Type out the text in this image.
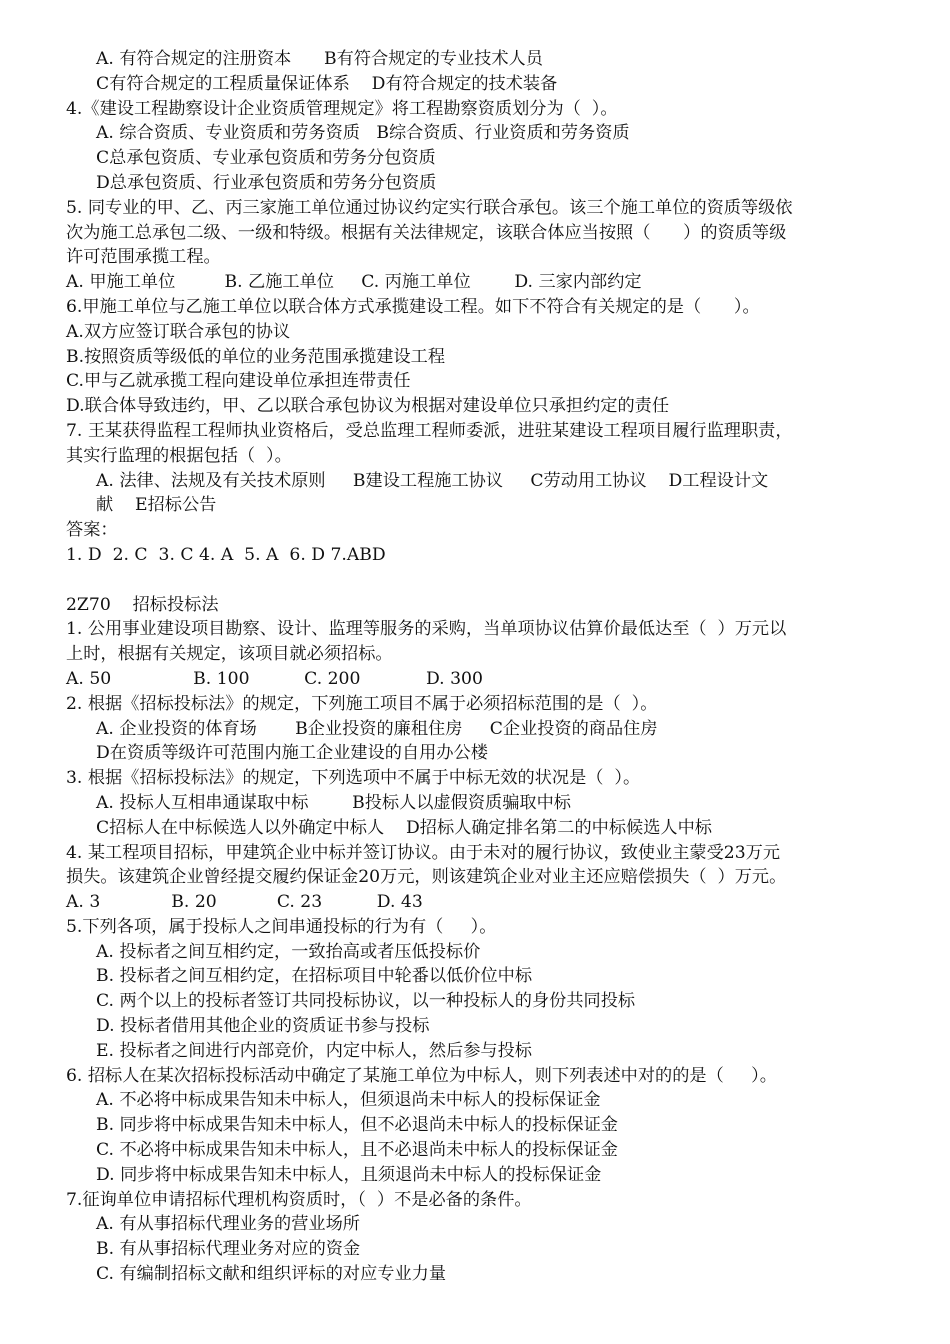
A. 有符合规定的注册资本      B有符合规定的专业技术人员
C有符合规定的工程质量保证体系    D有符合规定的技术装备
4.《建设工程勘察设计企业资质管理规定》将工程勘察资质划分为（  ）。
A. 综合资质、专业资质和劳务资质   B综合资质、行业资质和劳务资质
C总承包资质、专业承包资质和劳务分包资质
D总承包资质、行业承包资质和劳务分包资质
5. 同专业的甲、乙、丙三家施工单位通过协议约定实行联合承包。该三个施工单位的资质等级依
次为施工总承包二级、一级和特级。根据有关法律规定，该联合体应当按照（      ）的资质等级
许可范围承揽工程。
A. 甲施工单位         B. 乙施工单位     C. 丙施工单位        D. 三家内部约定
6.甲施工单位与乙施工单位以联合体方式承揽建设工程。如下不符合有关规定的是（      ）。
A.双方应签订联合承包的协议
B.按照资质等级低的单位的业务范围承揽建设工程
C.甲与乙就承揽工程向建设单位承担连带责任
D.联合体导致违约，甲、乙以联合承包协议为根据对建设单位只承担约定的责任
7. 王某获得监程工程师执业资格后，受总监理工程师委派，进驻某建设工程项目履行监理职责，
其实行监理的根据包括（  ）。
A. 法律、法规及有关技术原则     B建设工程施工协议     C劳动用工协议    D工程设计文
献    E招标公告
答案：
1. D  2. C  3. C 4. A  5. A  6. D 7.ABD
2Z70    招标投标法
1. 公用事业建设项目勘察、设计、监理等服务的采购，当单项协议估算价最低达至（  ）万元以
上时，根据有关规定，该项目就必须招标。
A. 50               B. 100          C. 200            D. 300
2. 根据《招标投标法》的规定，下列施工项目不属于必须招标范围的是（  ）。
A. 企业投资的体育场       B企业投资的廉租住房     C企业投资的商品住房
D在资质等级许可范围内施工企业建设的自用办公楼
3. 根据《招标投标法》的规定，下列选项中不属于中标无效的状况是（  ）。
A. 投标人互相串通谋取中标        B投标人以虚假资质骗取中标
C招标人在中标候选人以外确定中标人    D招标人确定排名第二的中标候选人中标
4. 某工程项目招标，甲建筑企业中标并签订协议。由于未对的履行协议，致使业主蒙受23万元
损失。该建筑企业曾经提交履约保证金20万元，则该建筑企业对业主还应赔偿损失（  ）万元。
A. 3             B. 20           C. 23          D. 43
5.下列各项，属于投标人之间串通投标的行为有（     ）。
A. 投标者之间互相约定，一致抬高或者压低投标价
B. 投标者之间互相约定，在招标项目中轮番以低价位中标
C. 两个以上的投标者签订共同投标协议，以一种投标人的身份共同投标
D. 投标者借用其他企业的资质证书参与投标
E. 投标者之间进行内部竞价，内定中标人，然后参与投标
6. 招标人在某次招标投标活动中确定了某施工单位为中标人，则下列表述中对的的是（     ）。
A. 不必将中标成果告知未中标人，但须退尚未中标人的投标保证金
B. 同步将中标成果告知未中标人，但不必退尚未中标人的投标保证金
C. 不必将中标成果告知未中标人，且不必退尚未中标人的投标保证金
D. 同步将中标成果告知未中标人，且须退尚未中标人的投标保证金
7.征询单位申请招标代理机构资质时，（  ）不是必备的条件。
A. 有从事招标代理业务的营业场所
B. 有从事招标代理业务对应的资金
C. 有编制招标文献和组织评标的对应专业力量
